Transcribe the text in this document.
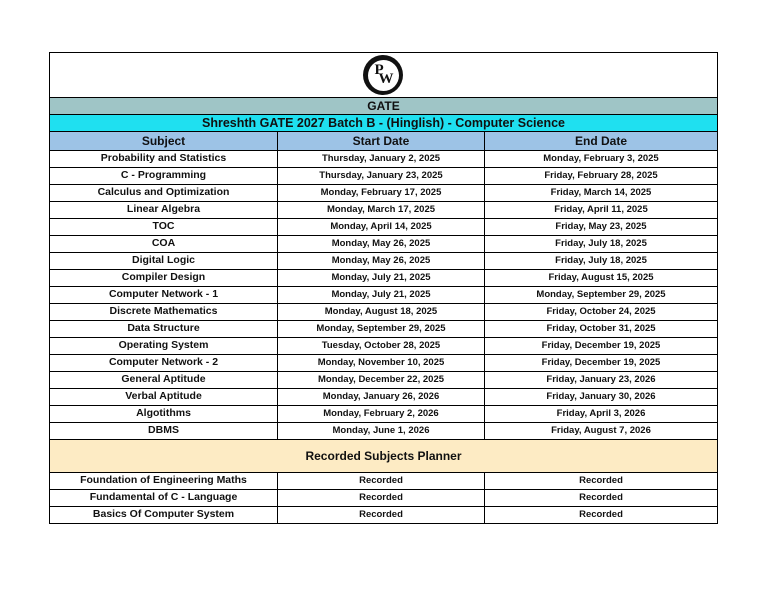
P
W
GATE
Shreshth GATE 2027 Batch B - (Hinglish) - Computer Science
Subject	Start Date	End Date
Probability and Statistics	Thursday, January 2, 2025	Monday, February 3, 2025
C - Programming	Thursday, January 23, 2025	Friday, February 28, 2025
Calculus and Optimization	Monday, February 17, 2025	Friday, March 14, 2025
Linear Algebra	Monday, March 17, 2025	Friday, April 11, 2025
TOC	Monday, April 14, 2025	Friday, May 23, 2025
COA	Monday, May 26, 2025	Friday, July 18, 2025
Digital Logic	Monday, May 26, 2025	Friday, July 18, 2025
Compiler Design	Monday, July 21, 2025	Friday, August 15, 2025
Computer Network - 1	Monday, July 21, 2025	Monday, September 29, 2025
Discrete Mathematics	Monday, August 18, 2025	Friday, October 24, 2025
Data Structure	Monday, September 29, 2025	Friday, October 31, 2025
Operating System	Tuesday, October 28, 2025	Friday, December 19, 2025
Computer Network - 2	Monday, November 10, 2025	Friday, December 19, 2025
General Aptitude	Monday, December 22, 2025	Friday, January 23, 2026
Verbal Aptitude	Monday, January 26, 2026	Friday, January 30, 2026
Algotithms	Monday, February 2, 2026	Friday, April 3, 2026
DBMS	Monday, June 1, 2026	Friday, August 7, 2026
Recorded Subjects Planner
Foundation of Engineering Maths	Recorded	Recorded
Fundamental of C - Language	Recorded	Recorded
Basics Of Computer System	Recorded	Recorded
